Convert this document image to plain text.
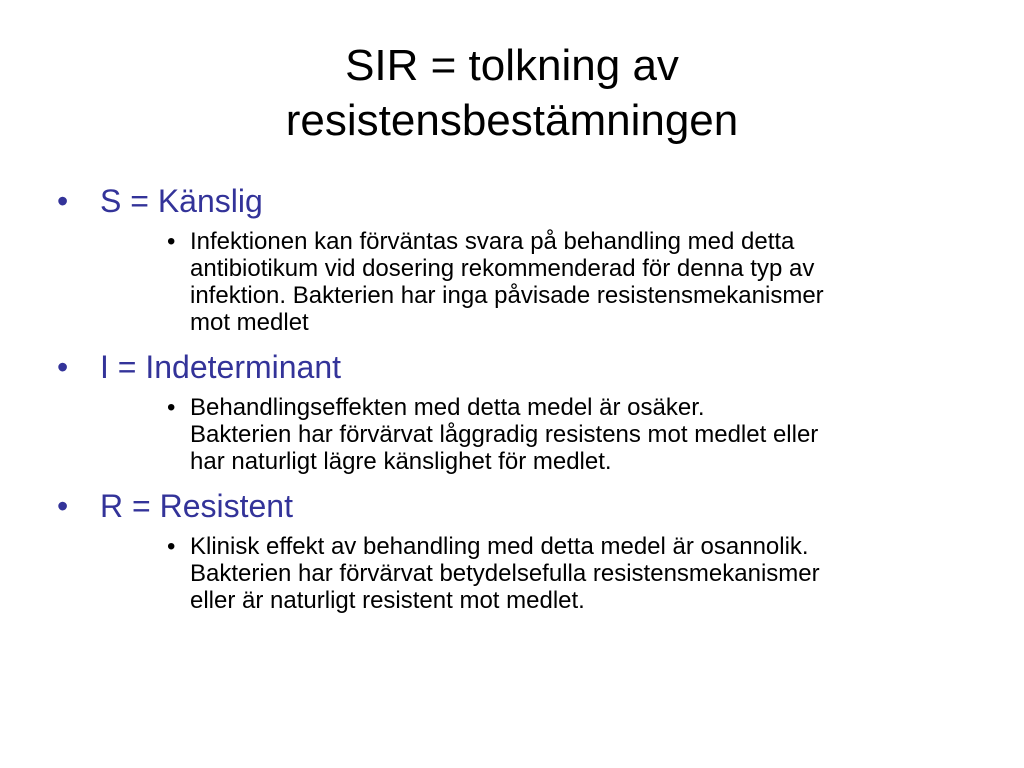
SIR = tolkning av
resistensbestämningen
• S = Känslig
• Infektionen kan förväntas svara på behandling med detta
antibiotikum vid dosering rekommenderad för denna typ av
infektion. Bakterien har inga påvisade resistensmekanismer
mot medlet
• I = Indeterminant
• Behandlingseffekten med detta medel är osäker.
Bakterien har förvärvat låggradig resistens mot medlet eller
har naturligt lägre känslighet för medlet.
• R = Resistent
• Klinisk effekt av behandling med detta medel är osannolik.
Bakterien har förvärvat betydelsefulla resistensmekanismer
eller är naturligt resistent mot medlet.
